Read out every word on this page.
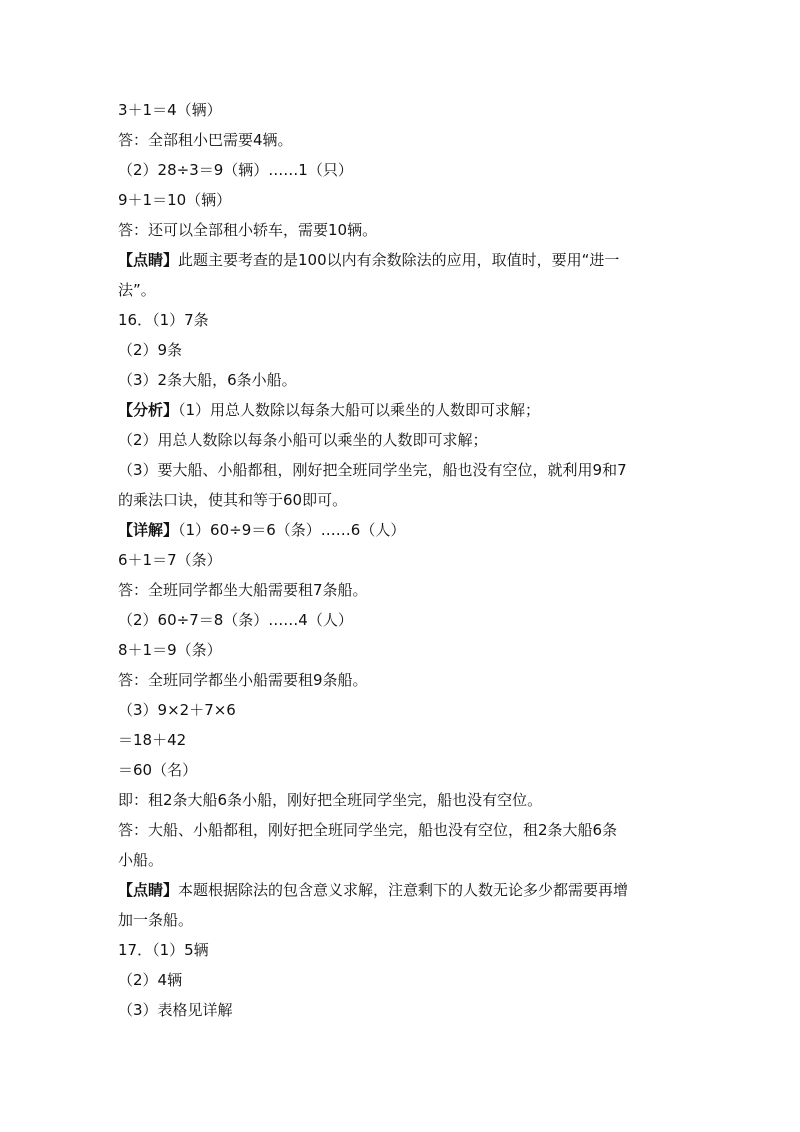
3＋1＝4（辆）
答：全部租小巴需要4辆。
（2）28÷3＝9（辆）……1（只）
9＋1＝10（辆）
答：还可以全部租小轿车，需要10辆。
【点睛】此题主要考查的是100以内有余数除法的应用，取值时，要用“进一
法”。
16．（1）7条
（2）9条
（3）2条大船，6条小船。
【分析】（1）用总人数除以每条大船可以乘坐的人数即可求解；
（2）用总人数除以每条小船可以乘坐的人数即可求解；
（3）要大船、小船都租，刚好把全班同学坐完，船也没有空位，就利用9和7
的乘法口诀，使其和等于60即可。
【详解】（1）60÷9＝6（条）……6（人）
6＋1＝7（条）
答：全班同学都坐大船需要租7条船。
（2）60÷7＝8（条）……4（人）
8＋1＝9（条）
答：全班同学都坐小船需要租9条船。
（3）9×2＋7×6
＝18＋42
＝60（名）
即：租2条大船6条小船，刚好把全班同学坐完，船也没有空位。
答：大船、小船都租，刚好把全班同学坐完，船也没有空位，租2条大船6条
小船。
【点睛】本题根据除法的包含意义求解，注意剩下的人数无论多少都需要再增
加一条船。
17．（1）5辆
（2）4辆
（3）表格见详解
